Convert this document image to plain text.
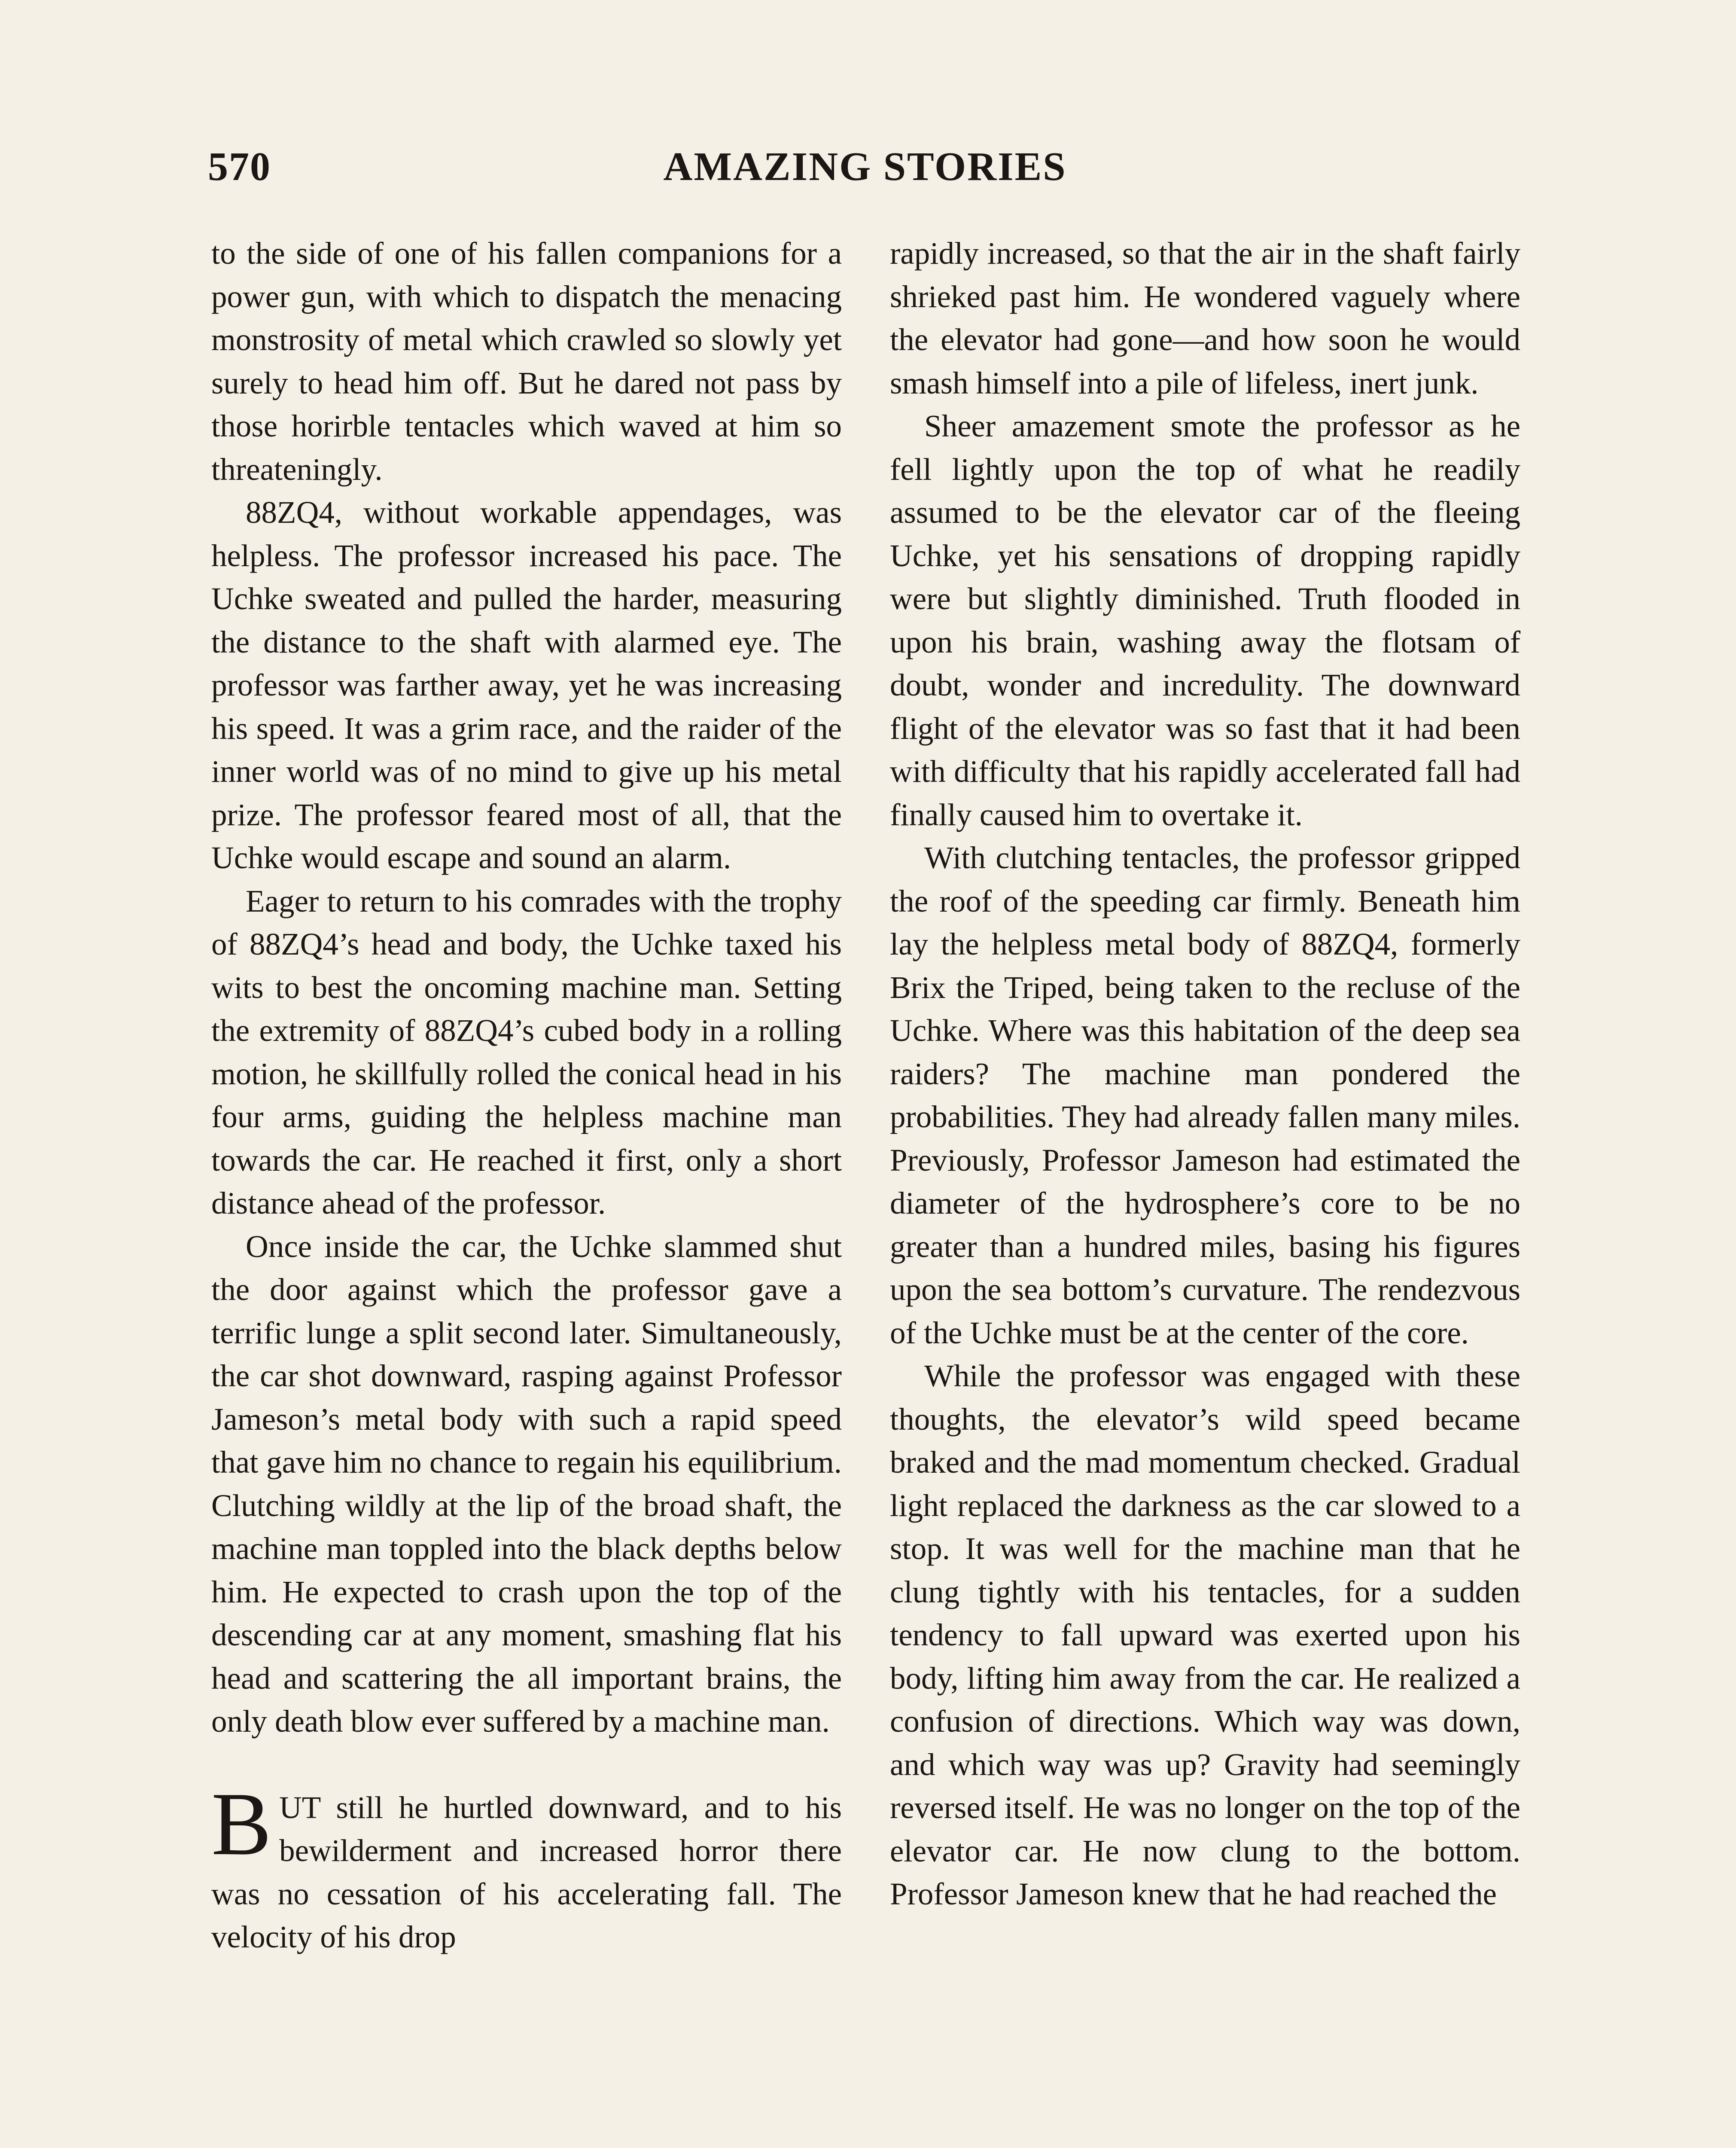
570	AMAZING STORIES

to the side of one of his fallen companions for a power gun, with which to dispatch the menacing monstrosity of metal which crawled so slowly yet surely to head him off. But he dared not pass by those horirble tentacles which waved at him so threateningly.

88ZQ4, without workable appendages, was helpless. The professor increased his pace. The Uchke sweated and pulled the harder, measuring the distance to the shaft with alarmed eye. The professor was farther away, yet he was increasing his speed. It was a grim race, and the raider of the inner world was of no mind to give up his metal prize. The professor feared most of all, that the Uchke would escape and sound an alarm.

Eager to return to his comrades with the trophy of 88ZQ4’s head and body, the Uchke taxed his wits to best the oncoming machine man. Setting the extremity of 88ZQ4’s cubed body in a rolling motion, he skillfully rolled the conical head in his four arms, guiding the helpless machine man towards the car. He reached it first, only a short distance ahead of the professor.

Once inside the car, the Uchke slammed shut the door against which the professor gave a terrific lunge a split second later. Simultaneously, the car shot downward, rasping against Professor Jameson’s metal body with such a rapid speed that gave him no chance to regain his equilibrium. Clutching wildly at the lip of the broad shaft, the machine man toppled into the black depths below him. He expected to crash upon the top of the descending car at any moment, smashing flat his head and scattering the all important brains, the only death blow ever suffered by a machine man.

BUT still he hurtled downward, and to his bewilderment and increased horror there was no cessation of his accelerating fall. The velocity of his drop

rapidly increased, so that the air in the shaft fairly shrieked past him. He wondered vaguely where the elevator had gone—and how soon he would smash himself into a pile of lifeless, inert junk.

Sheer amazement smote the professor as he fell lightly upon the top of what he readily assumed to be the elevator car of the fleeing Uchke, yet his sensations of dropping rapidly were but slightly diminished. Truth flooded in upon his brain, washing away the flotsam of doubt, wonder and incredulity. The downward flight of the elevator was so fast that it had been with difficulty that his rapidly accelerated fall had finally caused him to overtake it.

With clutching tentacles, the professor gripped the roof of the speeding car firmly. Beneath him lay the helpless metal body of 88ZQ4, formerly Brix the Triped, being taken to the recluse of the Uchke. Where was this habitation of the deep sea raiders? The machine man pondered the probabilities. They had already fallen many miles. Previously, Professor Jameson had estimated the diameter of the hydrosphere’s core to be no greater than a hundred miles, basing his figures upon the sea bottom’s curvature. The rendezvous of the Uchke must be at the center of the core.

While the professor was engaged with these thoughts, the elevator’s wild speed became braked and the mad momentum checked. Gradual light replaced the darkness as the car slowed to a stop. It was well for the machine man that he clung tightly with his tentacles, for a sudden tendency to fall upward was exerted upon his body, lifting him away from the car. He realized a confusion of directions. Which way was down, and which way was up? Gravity had seemingly reversed itself. He was no longer on the top of the elevator car. He now clung to the bottom. Professor Jameson knew that he had reached the
